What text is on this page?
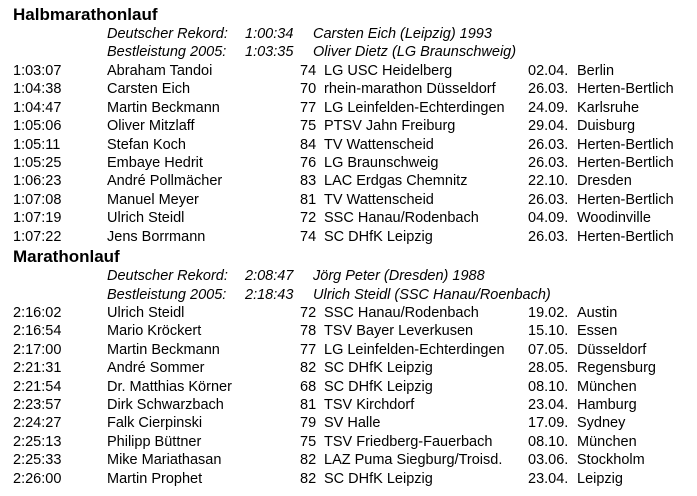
Halbmarathonlauf
Deutscher Rekord: 1:00:34 Carsten Eich (Leipzig) 1993
Bestleistung 2005: 1:03:35 Oliver Dietz (LG Braunschweig)
1:03:07	Abraham Tandoi	74 LG USC Heidelberg	02.04. Berlin
1:04:38	Carsten Eich	70 rhein-marathon Düsseldorf 26.03. Herten-Bertlich
1:04:47	Martin Beckmann	77 LG Leinfelden-Echterdingen 24.09. Karlsruhe
1:05:06	Oliver Mitzlaff	75 PTSV Jahn Freiburg	29.04. Duisburg
1:05:11	Stefan Koch	84 TV Wattenscheid	26.03. Herten-Bertlich
1:05:25	Embaye Hedrit	76 LG Braunschweig	26.03. Herten-Bertlich
1:06:23	André Pollmächer	83 LAC Erdgas Chemnitz	22.10. Dresden
1:07:08	Manuel Meyer	81 TV Wattenscheid	26.03. Herten-Bertlich
1:07:19	Ulrich Steidl	72 SSC Hanau/Rodenbach	04.09. Woodinville
1:07:22	Jens Borrmann	74 SC DHfK Leipzig	26.03. Herten-Bertlich
Marathonlauf
Deutscher Rekord: 2:08:47 Jörg Peter (Dresden) 1988
Bestleistung 2005: 2:18:43 Ulrich Steidl (SSC Hanau/Roenbach)
2:16:02	Ulrich Steidl	72 SSC Hanau/Rodenbach	19.02. Austin
2:16:54	Mario Kröckert	78 TSV Bayer Leverkusen	15.10. Essen
2:17:00	Martin Beckmann	77 LG Leinfelden-Echterdingen 07.05. Düsseldorf
2:21:31	André Sommer	82 SC DHfK Leipzig	28.05. Regensburg
2:21:54	Dr. Matthias Körner	68 SC DHfK Leipzig	08.10. München
2:23:57	Dirk Schwarzbach	81 TSV Kirchdorf	23.04. Hamburg
2:24:27	Falk Cierpinski	79 SV Halle	17.09. Sydney
2:25:13	Philipp Büttner	75 TSV Friedberg-Fauerbach 08.10. München
2:25:33	Mike Mariathasan	82 LAZ Puma Siegburg/Troisd. 03.06. Stockholm
2:26:00	Martin Prophet	82 SC DHfK Leipzig	23.04. Leipzig
